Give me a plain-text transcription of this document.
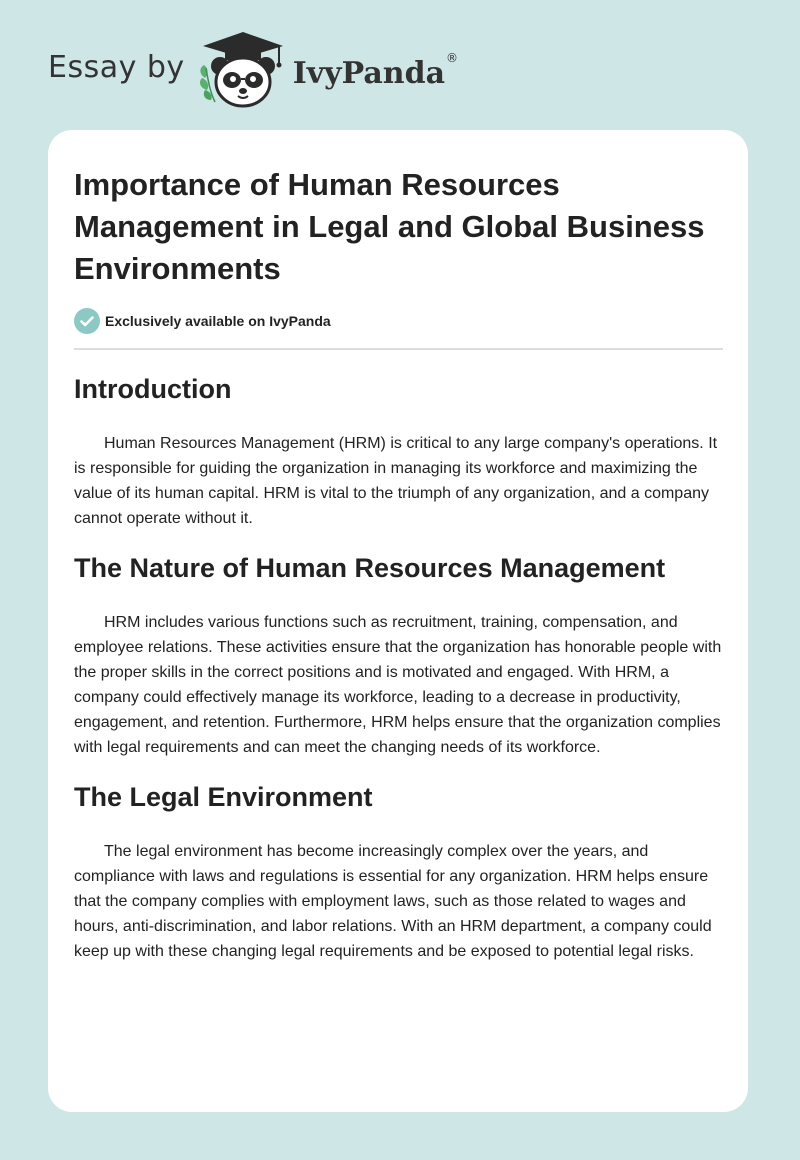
Essay by	IvyPanda ®
Importance of Human Resources Management in Legal and Global Business Environments
Exclusively available on IvyPanda
Introduction

Human Resources Management (HRM) is critical to any large company's operations. It is responsible for guiding the organization in managing its workforce and maximizing the value of its human capital. HRM is vital to the triumph of any organization, and a company cannot operate without it.

The Nature of Human Resources Management

HRM includes various functions such as recruitment, training, compensation, and employee relations. These activities ensure that the organization has honorable people with the proper skills in the correct positions and is motivated and engaged. With HRM, a company could effectively manage its workforce, leading to a decrease in productivity, engagement, and retention. Furthermore, HRM helps ensure that the organization complies with legal requirements and can meet the changing needs of its workforce.

The Legal Environment

The legal environment has become increasingly complex over the years, and compliance with laws and regulations is essential for any organization. HRM helps ensure that the company complies with employment laws, such as those related to wages and hours, anti-discrimination, and labor relations. With an HRM department, a company could keep up with these changing legal requirements and be exposed to potential legal risks.
